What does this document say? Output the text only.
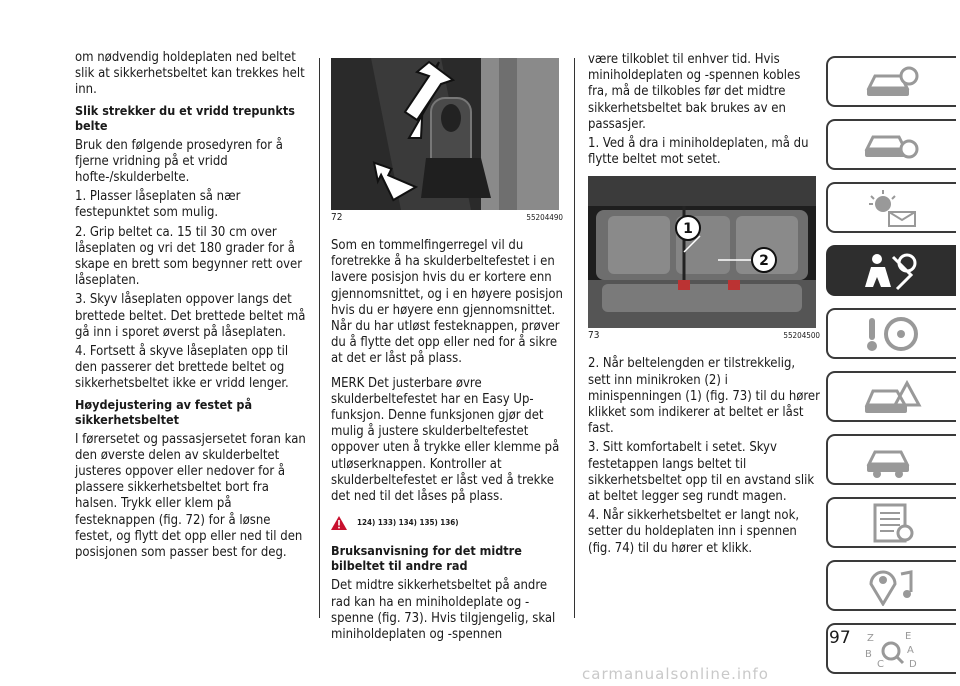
om nødvendig holdeplaten ned beltet slik at sikkerhetsbeltet kan trekkes helt inn.

Slik strekker du et vridd trepunkts belte

Bruk den følgende prosedyren for å fjerne vridning på et vridd hofte-/skulderbelte.

1. Plasser låseplaten så nær festepunktet som mulig.

2. Grip beltet ca. 15 til 30 cm over låseplaten og vri det 180 grader for å skape en brett som begynner rett over låseplaten.

3. Skyv låseplaten oppover langs det brettede beltet. Det brettede beltet må gå inn i sporet øverst på låseplaten.

4. Fortsett å skyve låseplaten opp til den passerer det brettede beltet og sikkerhetsbeltet ikke er vridd lenger.

Høydejustering av festet på sikkerhetsbeltet

I førersetet og passasjersetet foran kan den øverste delen av skulderbeltet justeres oppover eller nedover for å plassere sikkerhetsbeltet bort fra halsen. Trykk eller klem på festeknappen (fig. 72) for å løsne festet, og flytt det opp eller ned til den posisjonen som passer best for deg.

72	55204490

Som en tommelfingerregel vil du foretrekke å ha skulderbeltefestet i en lavere posisjon hvis du er kortere enn gjennomsnittet, og i en høyere posisjon hvis du er høyere enn gjennomsnittet. Når du har utløst festeknappen, prøver du å flytte det opp eller ned for å sikre at det er låst på plass.

MERK Det justerbare øvre skulderbeltefestet har en Easy Up-funksjon. Denne funksjonen gjør det mulig å justere skulderbeltefestet oppover uten å trykke eller klemme på utløserknappen. Kontroller at skulderbeltefestet er låst ved å trekke det ned til det låses på plass.

124) 133) 134) 135) 136)
Bruksanvisning for det midtre bilbeltet til andre rad

Det midtre sikkerhetsbeltet på andre rad kan ha en miniholdeplate og -spenne (fig. 73). Hvis tilgjengelig, skal miniholdeplaten og -spennen

være tilkoblet til enhver tid. Hvis miniholdeplaten og -spennen kobles fra, må de tilkobles før det midtre sikkerhetsbeltet bak brukes av en passasjer.

1. Ved å dra i miniholdeplaten, må du flytte beltet mot setet.

1
2
73	55204500

2. Når beltelengden er tilstrekkelig, sett inn minikroken (2) i minispenningen (1) (fig. 73) til du hører klikket som indikerer at beltet er låst fast.

3. Sitt komfortabelt i setet. Skyv festetappen langs beltet til sikkerhetsbeltet opp til en avstand slik at beltet legger seg rundt magen.

4. Når sikkerhetsbeltet er langt nok, setter du holdeplaten inn i spennen (fig. 74) til du hører et klikk.

Z	E
B	A
C	D
97
carmanualsonline.info
